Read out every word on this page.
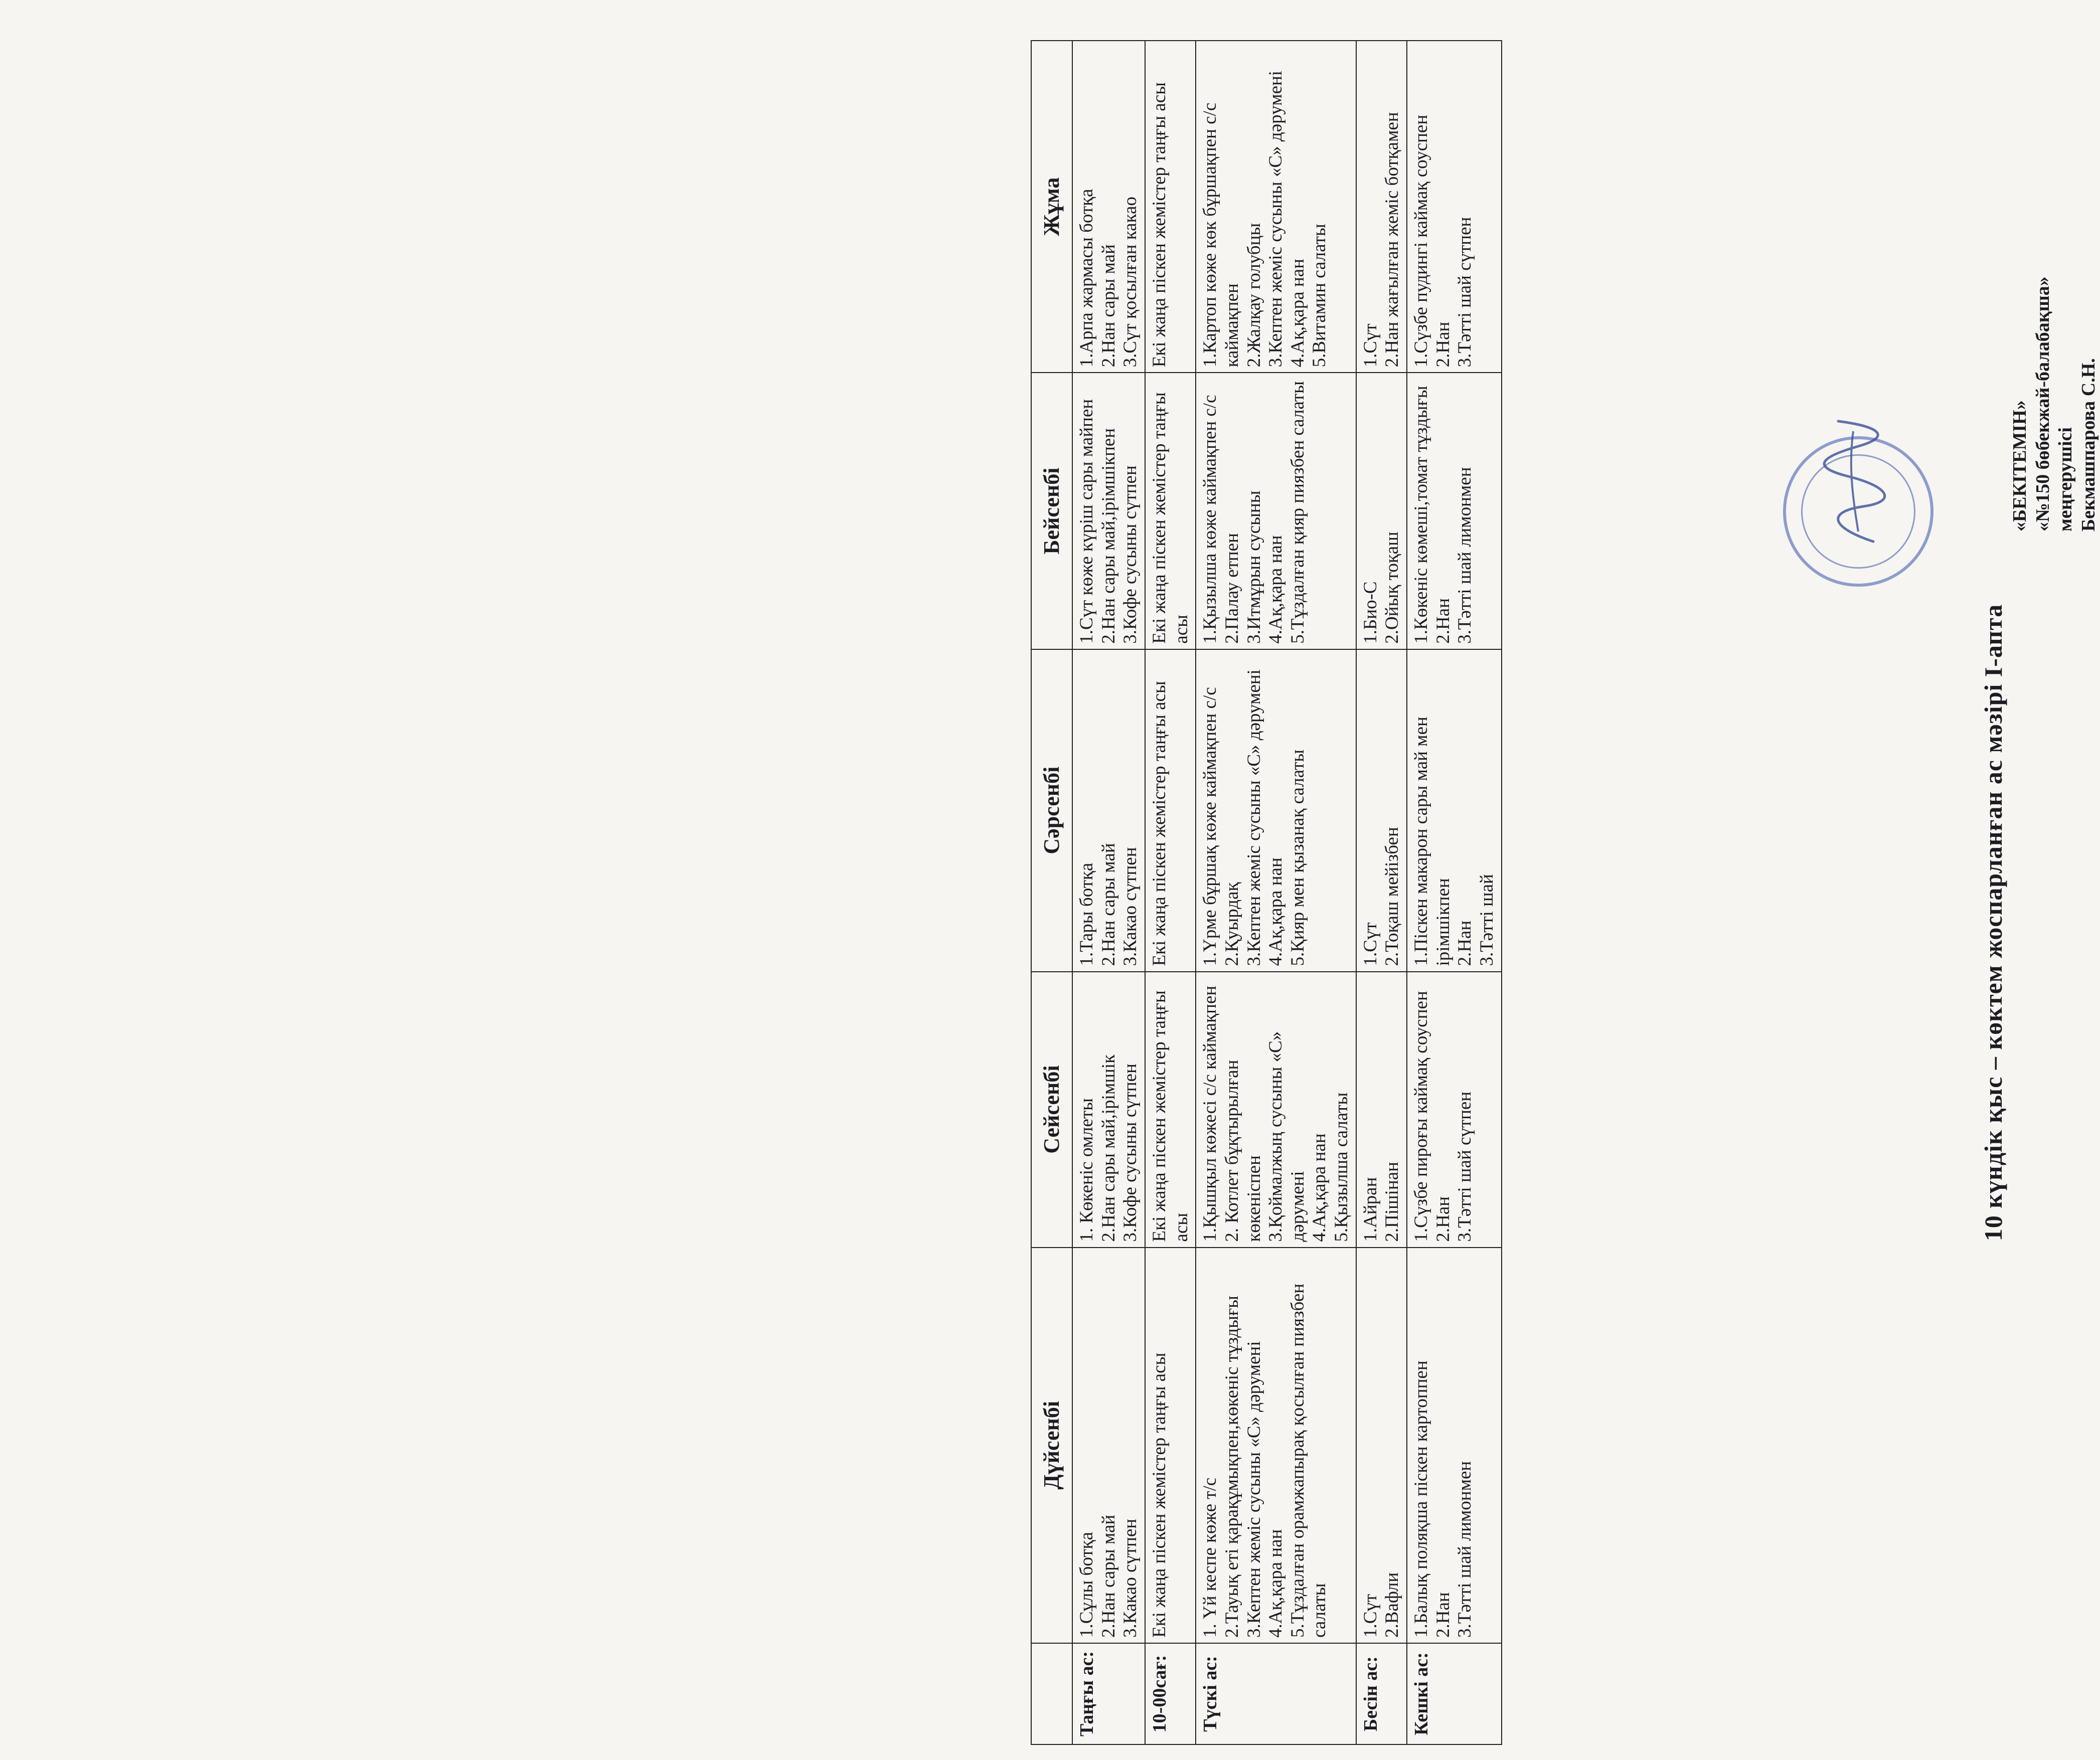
	Дүйсенбі	Сейсенбі	Сәрсенбі	Бейсенбі	Жұма
Таңғы ас:	1.Сұлы ботқа 2.Нан сары май 3.Какао сүтпен	1. Көкеніс омлеты 2.Нан сары май,ірімшік 3.Кофе сусыны сүтпен	1.Тары ботқа 2.Нан сары май 3.Какао сүтпен	1.Сүт көже күріш сары майпен 2.Нан сары май,ірімшікпен 3.Кофе сусыны сүтпен	1.Арпа жармасы ботқа 2.Нан сары май 3.Сүт қосылған какао

10-00сағ:	Екі жаңа піскен жемістер таңғы асы	Екі жаңа піскен жемістер таңғы асы	Екі жаңа піскен жемістер таңғы асы	Екі жаңа піскен жемістер таңғы асы	Екі жаңа піскен жемістер таңғы асы

Түскі ас:	1. Үй кеспе көже т/с 2.Тауық еті қарақұмықпен,көкеніс тұздығы 3.Кептен жеміс сусыны «С» дәрумені 4.Ақ,қара нан 5.Тұздалған орамжапырақ қосылған пиязбен салаты	1.Қышқыл көжесі с/с каймақпен 2. Котлет бұқтырылған көкеніспен 3.Қоймалжың сусыны «С» дәрумені 4.Ақ,қара нан 5.Қызылша салаты	1.Үрме бұршақ көже каймақпен с/с 2.Қуырдақ 3.Кептен жеміс сусыны «С» дәрумені 4.Ақ,қара нан 5.Қияр мен қызанақ салаты	1.Қызылша көже каймақпен с/с 2.Палау етпен 3.Итмұрын сусыны 4.Ақ,қара нан 5.Тұздалған қияр пиязбен салаты	1.Картоп көже көк бұршақпен с/с каймақпен 2.Жалқау голубцы 3.Кептен жеміс сусыны «С» дәрумені 4.Ақ,қара нан 5.Витамин салаты

Бесін ас:	1.Сүт 2.Вафли	1.Айран 2.Пішінан	1.Сүт 2.Тоқаш мейізбен	1.Био-С 2.Ойық тоқаш	1.Сүт 2.Нан жағылған жеміс ботқамен

Кешкі ас:	1.Балық поляқша піскен картоппен 2.Нан 3.Тәтті шай лимонмен	1.Сүзбе пироғы каймақ соуспен 2.Нан 3.Тәтті шай сүтпен	1.Піскен макарон сары май мен ірімшікпен 2.Нан 3.Тәтті шай	1.Көкеніс көмеші,томат тұздығы 2.Нан 3.Тәтті шай лимонмен	1.Сүзбе пудингі каймақ соуспен 2.Нан 3.Тәтті шай сүтпен
10 күндік қыс – көктем жоспарланған ас мәзірі І-апта
«БЕКІТЕМІН» «№150 бөбекжай-балабақша» меңгерушісі Бекмашпарова С.Н.
